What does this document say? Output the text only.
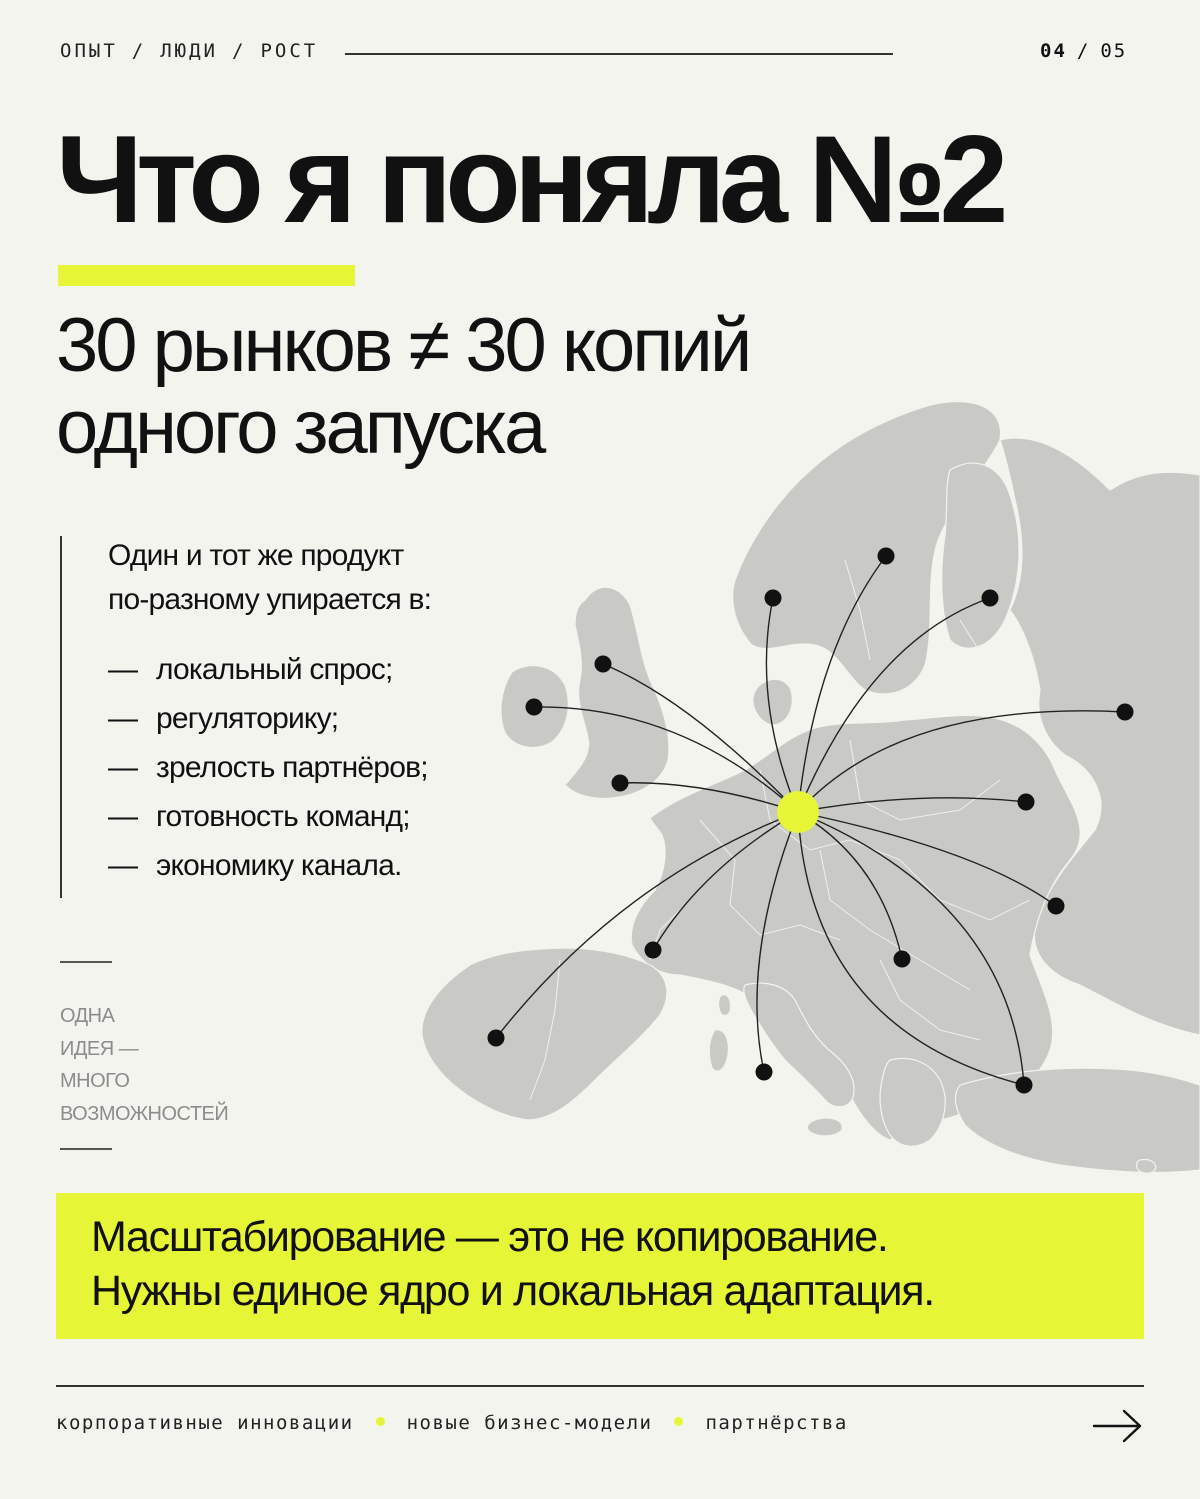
ОПЫТ / ЛЮДИ / РОСТ	04 / 05
Что я поняла №2
30 рынков ≠ 30 копий
одного запуска
Один и тот же продукт
по-разному упирается в:
— локальный спрос;
— регуляторику;
— зрелость партнёров;
— готовность команд;
— экономику канала.
ОДНА
ИДЕЯ —
МНОГО
ВОЗМОЖНОСТЕЙ
Масштабирование — это не копирование.
Нужны единое ядро и локальная адаптация.
корпоративные инновации	новые бизнес-модели	партнёрства
